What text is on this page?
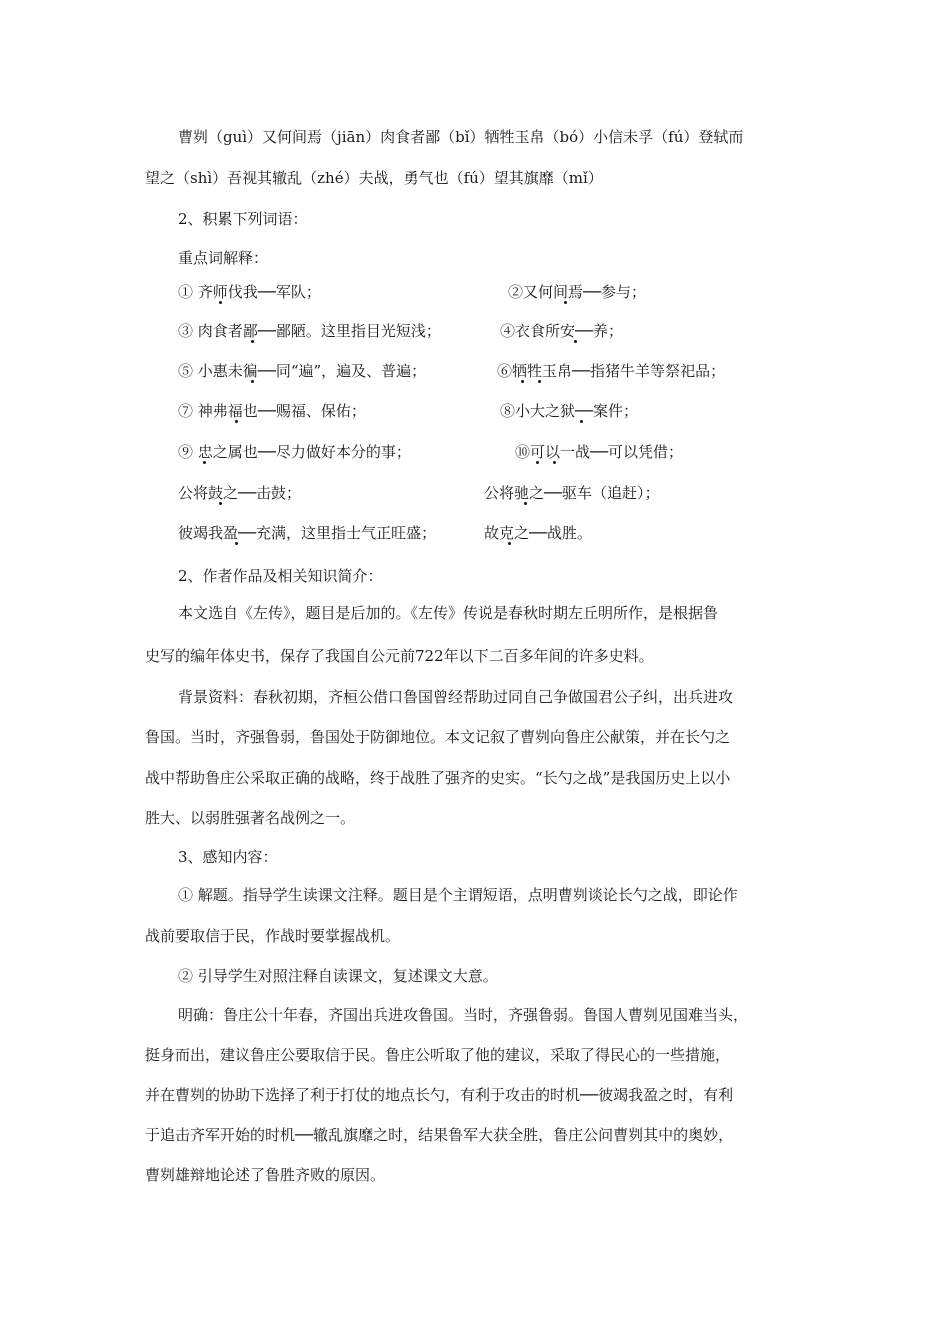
曹刿（guì）又何间焉（jiān）肉食者鄙（bǐ）牺牲玉帛（bó）小信未孚（fú）登轼而
望之（shì）吾视其辙乱（zhé）夫战，勇气也（fú）望其旗靡（mǐ）
2、积累下列词语：
重点词解释：
① 齐师伐我──军队；	②又何间焉──参与；
③ 肉食者鄙──鄙陋。这里指目光短浅；	④衣食所安──养；
⑤ 小惠未徧──同“遍”，遍及、普遍；	⑥牺牲玉帛──指猪牛羊等祭祀品；
⑦ 神弗福也──赐福、保佑；	⑧小大之狱──案件；
⑨ 忠之属也──尽力做好本分的事；	⑩可以一战──可以凭借；
公将鼓之──击鼓；	公将驰之──驱车（追赶）；
彼竭我盈──充满，这里指士气正旺盛；	故克之──战胜。
2、作者作品及相关知识简介：
本文选自《左传》，题目是后加的。《左传》传说是春秋时期左丘明所作，是根据鲁
史写的编年体史书，保存了我国自公元前722年以下二百多年间的许多史料。
背景资料：春秋初期，齐桓公借口鲁国曾经帮助过同自己争做国君公子纠，出兵进攻
鲁国。当时，齐强鲁弱，鲁国处于防御地位。本文记叙了曹刿向鲁庄公献策，并在长勺之
战中帮助鲁庄公采取正确的战略，终于战胜了强齐的史实。“长勺之战”是我国历史上以小
胜大、以弱胜强著名战例之一。
3、感知内容：
① 解题。指导学生读课文注释。题目是个主谓短语，点明曹刿谈论长勺之战，即论作
战前要取信于民，作战时要掌握战机。
② 引导学生对照注释自读课文，复述课文大意。
明确：鲁庄公十年春，齐国出兵进攻鲁国。当时，齐强鲁弱。鲁国人曹刿见国难当头，
挺身而出，建议鲁庄公要取信于民。鲁庄公听取了他的建议，采取了得民心的一些措施，
并在曹刿的协助下选择了利于打仗的地点长勺，有利于攻击的时机──彼竭我盈之时，有利
于追击齐军开始的时机──辙乱旗靡之时，结果鲁军大获全胜，鲁庄公问曹刿其中的奥妙，
曹刿雄辩地论述了鲁胜齐败的原因。
